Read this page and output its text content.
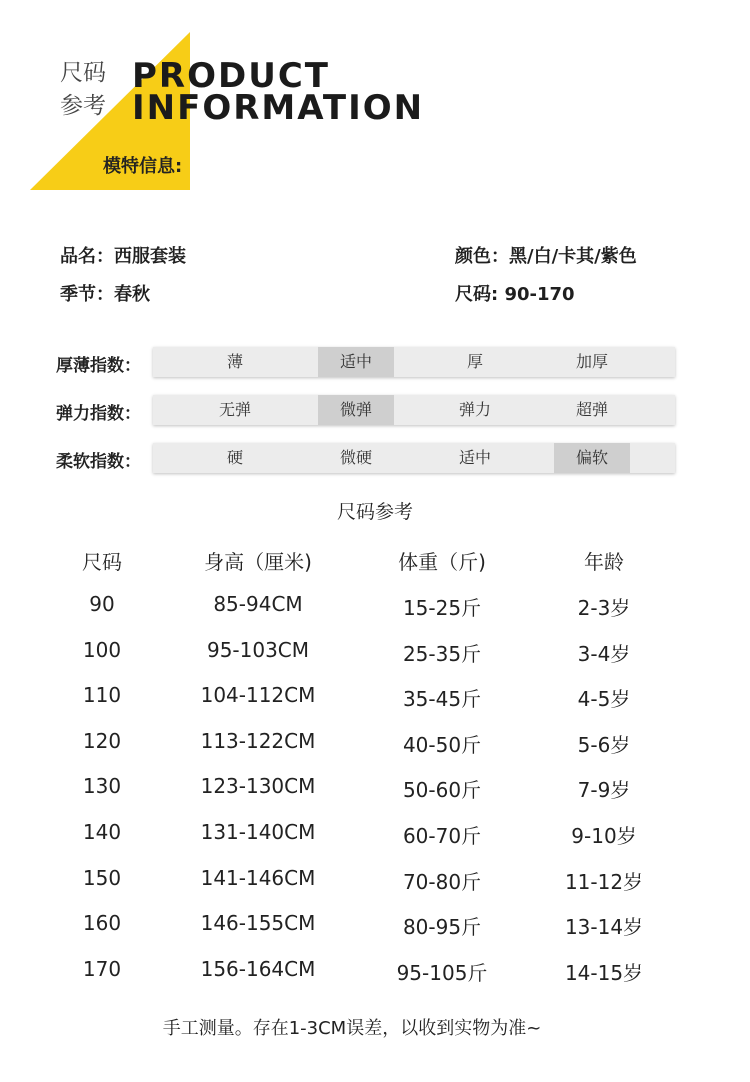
尺码
参考
PRODUCT
INFORMATION
模特信息:
品名：西服套装
季节：春秋
颜色：黑/白/卡其/紫色
尺码: 90-170
厚薄指数：	薄	适中	厚	加厚
弹力指数：	无弹	微弹	弹力	超弹
柔软指数：	硬	微硬	适中	偏软
尺码参考
尺码	身高（厘米)	体重（斤)	年龄
90	85-94CM	15-25斤	2-3岁
100	95-103CM	25-35斤	3-4岁
110	104-112CM	35-45斤	4-5岁
120	113-122CM	40-50斤	5-6岁
130	123-130CM	50-60斤	7-9岁
140	131-140CM	60-70斤	9-10岁
150	141-146CM	70-80斤	11-12岁
160	146-155CM	80-95斤	13-14岁
170	156-164CM	95-105斤	14-15岁
手工测量。存在1-3CM误差，以收到实物为准~
